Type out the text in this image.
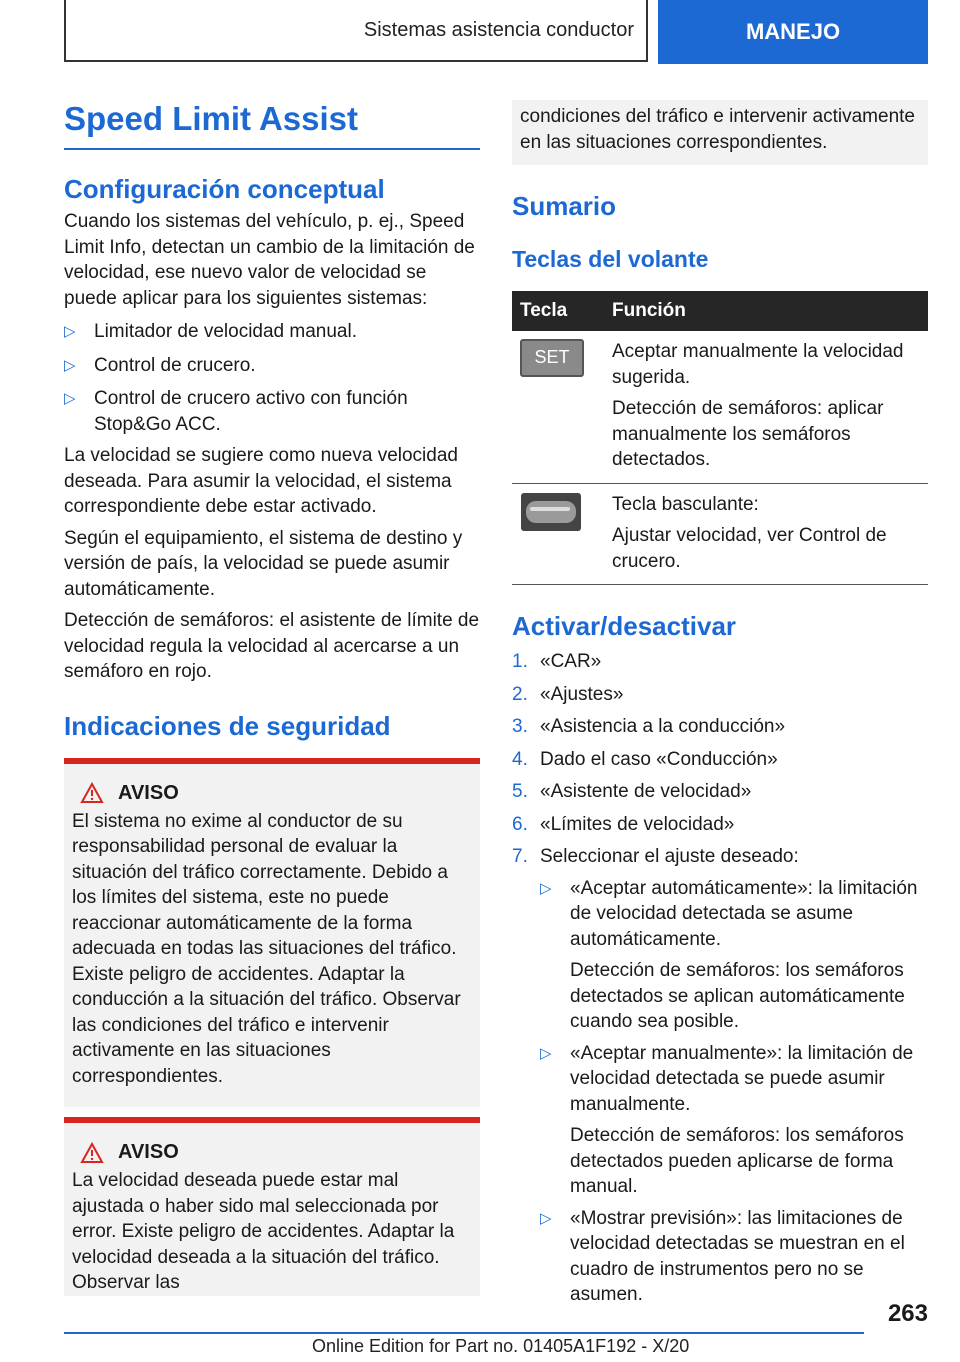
Sistemas asistencia conductor	MANEJO
Speed Limit Assist
Configuración conceptual

Cuando los sistemas del vehículo, p. ej., Speed Limit Info, detectan un cambio de la limitación de velocidad, ese nuevo valor de velocidad se puede aplicar para los siguientes sistemas:

▷ Limitador de velocidad manual.
▷ Control de crucero.
▷ Control de crucero activo con función Stop&Go ACC.

La velocidad se sugiere como nueva velocidad deseada. Para asumir la velocidad, el sistema correspondiente debe estar activado.

Según el equipamiento, el sistema de destino y versión de país, la velocidad se puede asumir automáticamente.

Detección de semáforos: el asistente de límite de velocidad regula la velocidad al acercarse a un semáforo en rojo.

Indicaciones de seguridad
AVISO

El sistema no exime al conductor de su responsabilidad personal de evaluar la situación del tráfico correctamente. Debido a los límites del sistema, este no puede reaccionar automáticamente de la forma adecuada en todas las situaciones del tráfico. Existe peligro de accidentes. Adaptar la conducción a la situación del tráfico. Observar las condiciones del tráfico e intervenir activamente en las situaciones correspondientes.

AVISO

La velocidad deseada puede estar mal ajustada o haber sido mal seleccionada por error. Existe peligro de accidentes. Adaptar la velocidad deseada a la situación del tráfico. Observar las

condiciones del tráfico e intervenir activamente en las situaciones correspondientes.

Sumario
Teclas del volante
Tecla	Función

SET	Aceptar manualmente la velocidad sugerida.
Detección de semáforos: aplicar manualmente los semáforos detectados.

Tecla basculante:
Ajustar velocidad, ver Control de crucero.
Activar/desactivar
1. «CAR»
2. «Ajustes»
3. «Asistencia a la conducción»
4. Dado el caso «Conducción»
5. «Asistente de velocidad»
6. «Límites de velocidad»
7. Seleccionar el ajuste deseado:
▷ «Aceptar automáticamente»: la limitación de velocidad detectada se asume automáticamente.
Detección de semáforos: los semáforos detectados se aplican automáticamente cuando sea posible.
▷ «Aceptar manualmente»: la limitación de velocidad detectada se puede asumir manualmente.
Detección de semáforos: los semáforos detectados pueden aplicarse de forma manual.
▷ «Mostrar previsión»: las limitaciones de velocidad detectadas se muestran en el cuadro de instrumentos pero no se asumen.
263
Online Edition for Part no. 01405A1F192 - X/20
